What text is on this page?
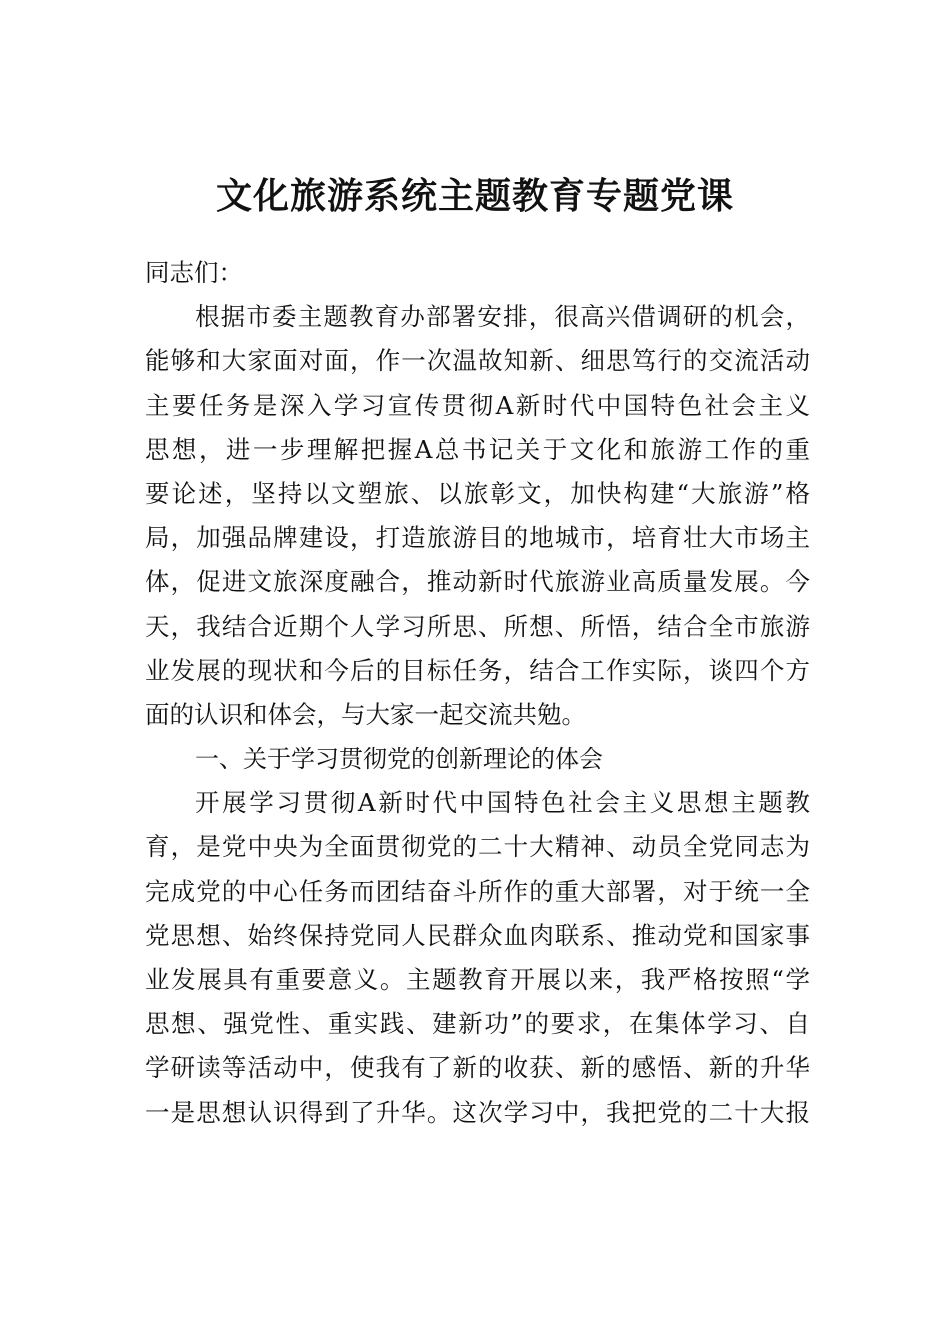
文化旅游系统主题教育专题党课
同志们：
根据市委主题教育办部署安排，很高兴借调研的机会，
能够和大家面对面，作一次温故知新、细思笃行的交流活动
主要任务是深入学习宣传贯彻A新时代中国特色社会主义
思想，进一步理解把握A总书记关于文化和旅游工作的重
要论述，坚持以文塑旅、以旅彰文，加快构建“大旅游”格
局，加强品牌建设，打造旅游目的地城市，培育壮大市场主
体，促进文旅深度融合，推动新时代旅游业高质量发展。今
天，我结合近期个人学习所思、所想、所悟，结合全市旅游
业发展的现状和今后的目标任务，结合工作实际，谈四个方
面的认识和体会，与大家一起交流共勉。
一、关于学习贯彻党的创新理论的体会
开展学习贯彻A新时代中国特色社会主义思想主题教
育，是党中央为全面贯彻党的二十大精神、动员全党同志为
完成党的中心任务而团结奋斗所作的重大部署，对于统一全
党思想、始终保持党同人民群众血肉联系、推动党和国家事
业发展具有重要意义。主题教育开展以来，我严格按照“学
思想、强党性、重实践、建新功”的要求，在集体学习、自
学研读等活动中，使我有了新的收获、新的感悟、新的升华
一是思想认识得到了升华。这次学习中，我把党的二十大报
